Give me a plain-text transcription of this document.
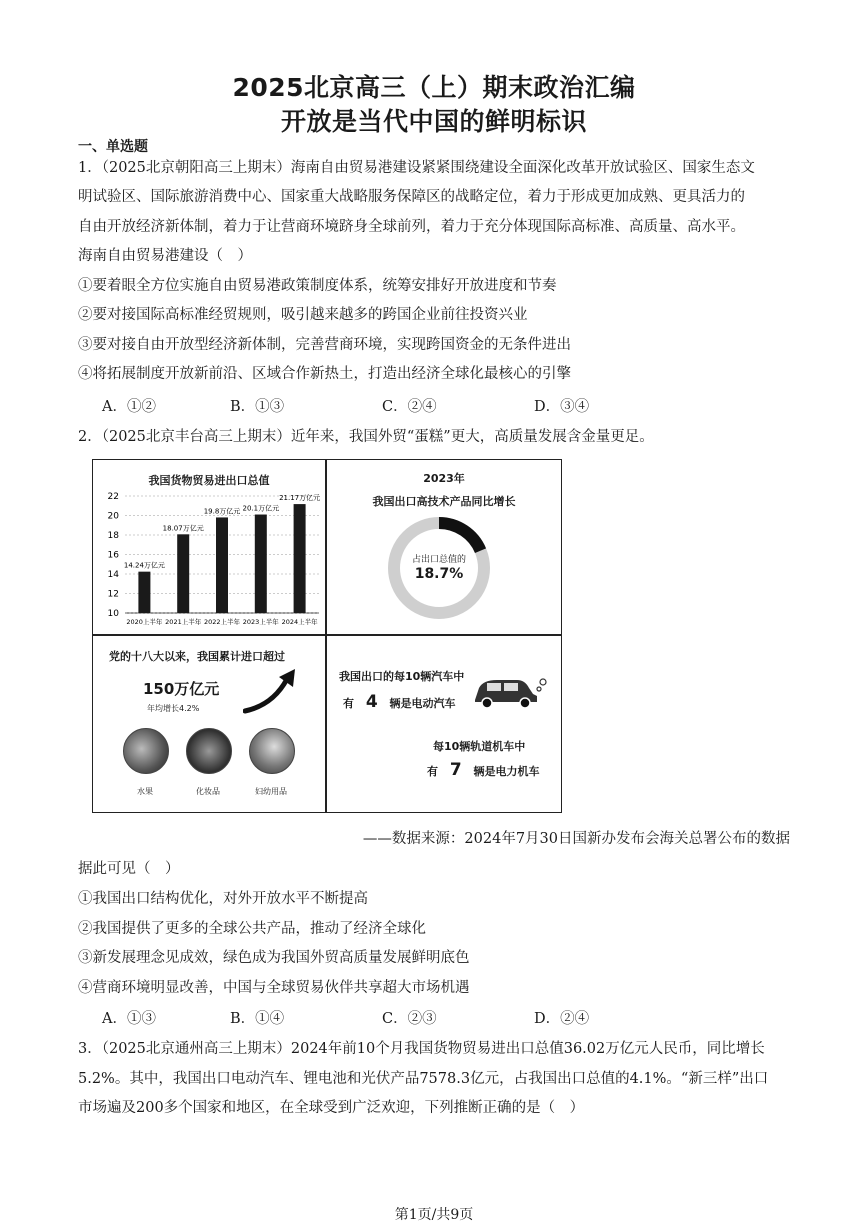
2025北京高三（上）期末政治汇编
开放是当代中国的鲜明标识
一、单选题
1．（2025北京朝阳高三上期末）海南自由贸易港建设紧紧围绕建设全面深化改革开放试验区、国家生态文
明试验区、国际旅游消费中心、国家重大战略服务保障区的战略定位，着力于形成更加成熟、更具活力的
自由开放经济新体制，着力于让营商环境跻身全球前列，着力于充分体现国际高标准、高质量、高水平。
海南自由贸易港建设（　）
①要着眼全方位实施自由贸易港政策制度体系，统筹安排好开放进度和节奏
②要对接国际高标准经贸规则，吸引越来越多的跨国企业前往投资兴业
③要对接自由开放型经济新体制，完善营商环境，实现跨国资金的无条件进出
④将拓展制度开放新前沿、区域合作新热土，打造出经济全球化最核心的引擎
A．①②	B．①③	C．②④	D．③④
2．（2025北京丰台高三上期末）近年来，我国外贸“蛋糕”更大，高质量发展含金量更足。
我国货物贸易进出口总值
10
12
14
16
18
20
22
14.24万亿元
2020上半年
18.07万亿元
2021上半年
19.8万亿元
2022上半年
20.1万亿元
2023上半年
21.17万亿元
2024上半年
2023年
我国出口高技术产品同比增长
占出口总值的
18.7%
党的十八大以来，我国累计进口超过
150万亿元
年均增长4.2%
水果	化妆品	妇幼用品
我国出口的每10辆汽车中
有 4 辆是电动汽车
每10辆轨道机车中
有 7 辆是电力机车
——数据来源：2024年7月30日国新办发布会海关总署公布的数据
据此可见（　）
①我国出口结构优化，对外开放水平不断提高
②我国提供了更多的全球公共产品，推动了经济全球化
③新发展理念见成效，绿色成为我国外贸高质量发展鲜明底色
④营商环境明显改善，中国与全球贸易伙伴共享超大市场机遇
A．①③	B．①④	C．②③	D．②④
3．（2025北京通州高三上期末）2024年前10个月我国货物贸易进出口总值36.02万亿元人民币，同比增长
5.2%。其中，我国出口电动汽车、锂电池和光伏产品7578.3亿元，占我国出口总值的4.1%。“新三样”出口
市场遍及200多个国家和地区，在全球受到广泛欢迎，下列推断正确的是（　）
第1页/共9页
